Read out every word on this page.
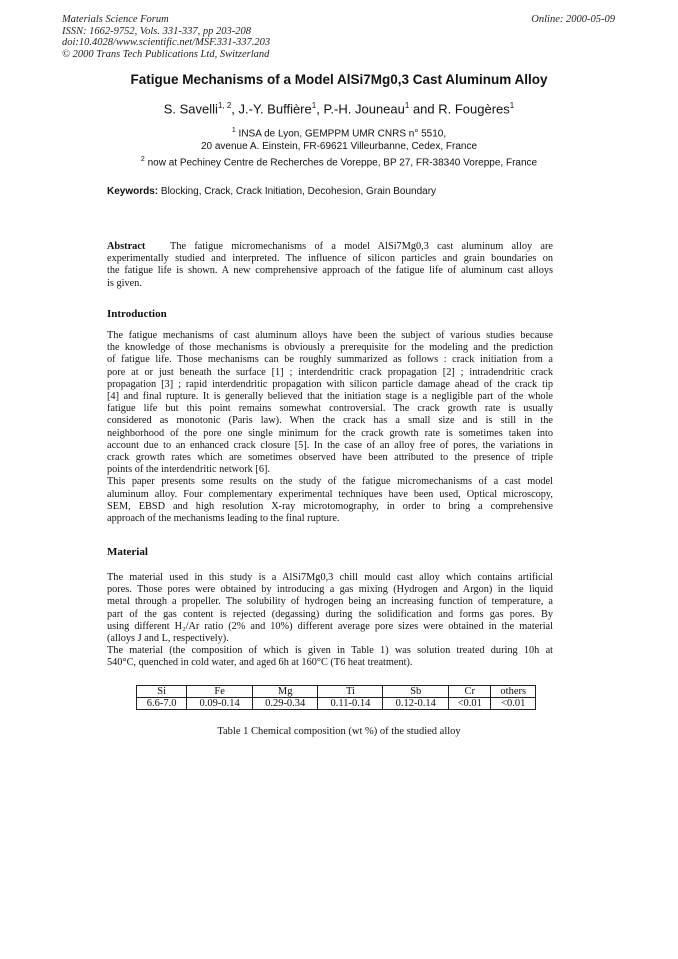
Materials Science Forum
ISSN: 1662-9752, Vols. 331-337, pp 203-208
doi:10.4028/www.scientific.net/MSF.331-337.203
© 2000 Trans Tech Publications Ltd, Switzerland
Online: 2000-05-09
Fatigue Mechanisms of a Model AlSi7Mg0,3 Cast Aluminum Alloy
S. Savelli$^{1, 2}$, J.-Y. Buffière$^1$, P.-H. Jouneau$^1$ and R. Fougères$^1$
$^1$ INSA de Lyon, GEMPPM UMR CNRS n° 5510,
20 avenue A. Einstein, FR-69621 Villeurbanne, Cedex, France
$^2$ now at Pechiney Centre de Recherches de Voreppe, BP 27, FR-38340 Voreppe, France
Keywords: Blocking, Crack, Crack Initiation, Decohesion, Grain Boundary
Abstract The fatigue micromechanisms of a model AlSi7Mg0,3 cast aluminum alloy are
experimentally studied and interpreted. The influence of silicon particles and grain boundaries on
the fatigue life is shown. A new comprehensive approach of the fatigue life of aluminum cast alloys
is given.
Introduction
The fatigue mechanisms of cast aluminum alloys have been the subject of various studies because
the knowledge of those mechanisms is obviously a prerequisite for the modeling and the prediction
of fatigue life. Those mechanisms can be roughly summarized as follows : crack initiation from a
pore at or just beneath the surface [1] ; interdendritic crack propagation [2] ; intradendritic crack
propagation [3] ; rapid interdendritic propagation with silicon particle damage ahead of the crack tip
[4] and final rupture. It is generally believed that the initiation stage is a negligible part of the whole
fatigue life but this point remains somewhat controversial. The crack growth rate is usually
considered as monotonic (Paris law). When the crack has a small size and is still in the
neighborhood of the pore one single minimum for the crack growth rate is sometimes taken into
account due to an enhanced crack closure [5]. In the case of an alloy free of pores, the variations in
crack growth rates which are sometimes observed have been attributed to the presence of triple
points of the interdendritic network [6].
This paper presents some results on the study of the fatigue micromechanisms of a cast model
aluminum alloy. Four complementary experimental techniques have been used, Optical microscopy,
SEM, EBSD and high resolution X-ray microtomography, in order to bring a comprehensive
approach of the mechanisms leading to the final rupture.
Material
The material used in this study is a AlSi7Mg0,3 chill mould cast alloy which contains artificial
pores. Those pores were obtained by introducing a gas mixing (Hydrogen and Argon) in the liquid
metal through a propeller. The solubility of hydrogen being an increasing function of temperature, a
part of the gas content is rejected (degassing) during the solidification and forms gas pores. By
using different H₂/Ar ratio (2% and 10%) different average pore sizes were obtained in the material
(alloys J and L, respectively).
The material (the composition of which is given in Table 1) was solution treated during 10h at
540°C, quenched in cold water, and aged 6h at 160°C (T6 heat treatment).
Si	Fe	Mg	Ti	Sb	Cr	others
6.6-7.0	0.09-0.14	0.29-0.34	0.11-0.14	0.12-0.14	<0.01	<0.01
Table 1 Chemical composition (wt %) of the studied alloy
